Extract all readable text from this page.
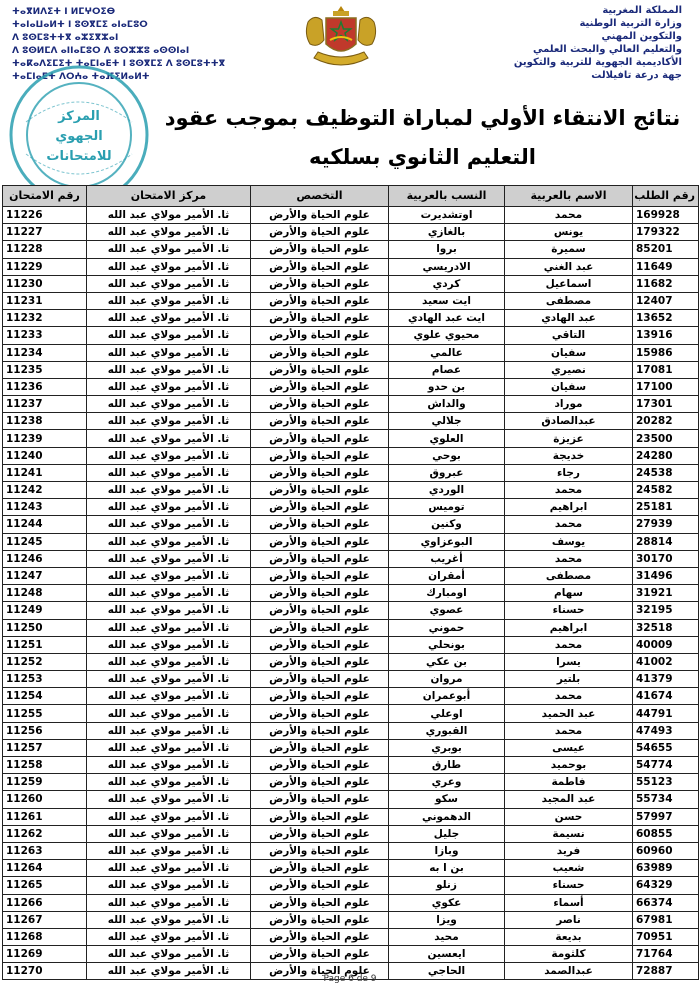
ⵜⴰⴳⵍⴷⵉⵜ ⵏ ⵍⵎⵖⵔⵉⴱ
ⵜⴰⵏⴰⵡⴰⵍⵜ ⵏ ⵓⵙⴳⵎⵉ ⴰⵏⴰⵎⵓⵔ
ⴷ ⵓⵙⵎⵓⵜⵜⴳ ⴰⵣⵉⴳⵣⴰⵏ
ⴷ ⵓⵙⵍⵎⴷ ⴰⵏⵏⴰⵎⵓⵔ ⴷ ⵓⵔⵣⵣⵓ ⴰⵙⵙⵏⴰⵏ
ⵜⴰⴽⴰⴷⵉⵎⵉⵜ ⵜⴰⵎⵏⴰⴹⵜ ⵏ ⵓⵙⴳⵎⵉ ⴷ ⵓⵙⵎⵓⵜⵜⴳ
ⵜⴰⵎⵏⴰⴹⵜ ⴷⵔⵄⴰ ⵜⴰⴼⵉⵍⴰⵍⵜ
المملكة المغربية
وزارة التربية الوطنية
والتكوين المهني
والتعليم العالي والبحث العلمي
الأكاديمية الجهوية للتربية والتكوين
جهة درعة تافيلالت
المركز
الجهوي
للامتحانات
نتائج الانتقاء الأولي لمباراة التوظيف بموجب عقود
التعليم الثانوي بسلكيه
رقم الطلب	الاسم بالعربية	النسب بالعربية	التخصص	مركز الامتحان	رقم الامتحان
169928	محمد	اوتشديرت	علوم الحياة والأرض	ثا. الأمير مولاي عبد الله	11226
179322	يونس	بالغازي	علوم الحياة والأرض	ثا. الأمير مولاي عبد الله	11227
85201	سميرة	بروا	علوم الحياة والأرض	ثا. الأمير مولاي عبد الله	11228
11649	عبد الغني	الادريسي	علوم الحياة والأرض	ثا. الأمير مولاي عبد الله	11229
11682	اسماعيل	كردي	علوم الحياة والأرض	ثا. الأمير مولاي عبد الله	11230
12407	مصطفى	ايت سعيد	علوم الحياة والأرض	ثا. الأمير مولاي عبد الله	11231
13652	عبد الهادي	ايت عبد الهادي	علوم الحياة والأرض	ثا. الأمير مولاي عبد الله	11232
13916	التاقي	محيوي علوي	علوم الحياة والأرض	ثا. الأمير مولاي عبد الله	11233
15986	سفيان	عالمي	علوم الحياة والأرض	ثا. الأمير مولاي عبد الله	11234
17081	نصيري	عصام	علوم الحياة والأرض	ثا. الأمير مولاي عبد الله	11235
17100	سفيان	بن حدو	علوم الحياة والأرض	ثا. الأمير مولاي عبد الله	11236
17301	موراد	والداش	علوم الحياة والأرض	ثا. الأمير مولاي عبد الله	11237
20282	عبدالصادق	جلالي	علوم الحياة والأرض	ثا. الأمير مولاي عبد الله	11238
23500	عزيزة	العلوي	علوم الحياة والأرض	ثا. الأمير مولاي عبد الله	11239
24280	خديجة	بوحي	علوم الحياة والأرض	ثا. الأمير مولاي عبد الله	11240
24538	رجاء	عبروق	علوم الحياة والأرض	ثا. الأمير مولاي عبد الله	11241
24582	محمد	الوردي	علوم الحياة والأرض	ثا. الأمير مولاي عبد الله	11242
25181	ابراهيم	توميس	علوم الحياة والأرض	ثا. الأمير مولاي عبد الله	11243
27939	محمد	وكنين	علوم الحياة والأرض	ثا. الأمير مولاي عبد الله	11244
28814	يوسف	البوعزاوي	علوم الحياة والأرض	ثا. الأمير مولاي عبد الله	11245
30170	محمد	أغريب	علوم الحياة والأرض	ثا. الأمير مولاي عبد الله	11246
31496	مصطفى	أمقران	علوم الحياة والأرض	ثا. الأمير مولاي عبد الله	11247
31921	سهام	اومبارك	علوم الحياة والأرض	ثا. الأمير مولاي عبد الله	11248
32195	حسناء	عصوي	علوم الحياة والأرض	ثا. الأمير مولاي عبد الله	11249
32518	ابراهيم	حموني	علوم الحياة والأرض	ثا. الأمير مولاي عبد الله	11250
40009	محمد	بونحلي	علوم الحياة والأرض	ثا. الأمير مولاي عبد الله	11251
41002	يسرا	بن عكي	علوم الحياة والأرض	ثا. الأمير مولاي عبد الله	11252
41379	بلتير	مروان	علوم الحياة والأرض	ثا. الأمير مولاي عبد الله	11253
41674	محمد	أبوعمران	علوم الحياة والأرض	ثا. الأمير مولاي عبد الله	11254
44791	عبد الحميد	اوعلي	علوم الحياة والأرض	ثا. الأمير مولاي عبد الله	11255
47493	محمد	القبوري	علوم الحياة والأرض	ثا. الأمير مولاي عبد الله	11256
54655	عيسى	بوبري	علوم الحياة والأرض	ثا. الأمير مولاي عبد الله	11257
54774	بوحميد	طارق	علوم الحياة والأرض	ثا. الأمير مولاي عبد الله	11258
55123	فاطمة	وعري	علوم الحياة والأرض	ثا. الأمير مولاي عبد الله	11259
55734	عبد المجيد	سكو	علوم الحياة والأرض	ثا. الأمير مولاي عبد الله	11260
57997	حسن	الدهموني	علوم الحياة والأرض	ثا. الأمير مولاي عبد الله	11261
60855	نسيمة	جليل	علوم الحياة والأرض	ثا. الأمير مولاي عبد الله	11262
60960	فريد	وبازا	علوم الحياة والأرض	ثا. الأمير مولاي عبد الله	11263
63989	شعيب	بن ا به	علوم الحياة والأرض	ثا. الأمير مولاي عبد الله	11264
64329	حسناء	زنلو	علوم الحياة والأرض	ثا. الأمير مولاي عبد الله	11265
66374	أسماء	عكوي	علوم الحياة والأرض	ثا. الأمير مولاي عبد الله	11266
67981	ناصر	ويزا	علوم الحياة والأرض	ثا. الأمير مولاي عبد الله	11267
70951	بديعة	محيد	علوم الحياة والأرض	ثا. الأمير مولاي عبد الله	11268
71764	كلثومة	ايعسين	علوم الحياة والأرض	ثا. الأمير مولاي عبد الله	11269
72887	عبدالصمد	الحاجي	علوم الحياة والأرض	ثا. الأمير مولاي عبد الله	11270
Page 6 de 9
